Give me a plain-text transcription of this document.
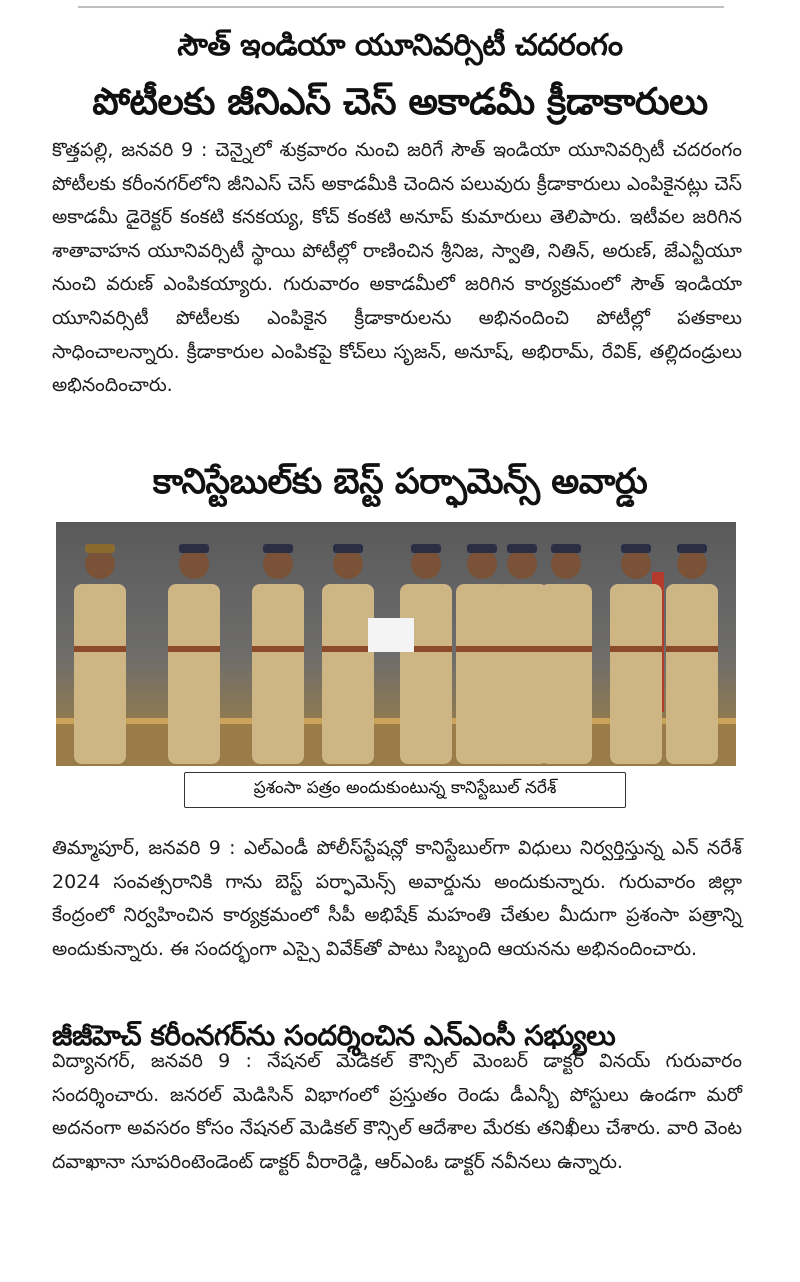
సౌత్ ఇండియా యూనివర్సిటీ చదరంగం
పోటీలకు జీనిఎస్ చెస్ అకాడమీ క్రీడాకారులు
కొత్తపల్లి, జనవరి 9 : చెన్నైలో శుక్రవారం నుంచి జరిగే సౌత్ ఇండియా యూనివర్సిటీ చదరంగం పోటీలకు కరీంనగర్‌లోని జీనిఎస్ చెస్ అకాడమీకి చెందిన పలువురు క్రీడాకారులు ఎంపికైనట్లు చెస్ అకాడమీ డైరెక్టర్ కంకటి కనకయ్య, కోచ్ కంకటి అనూప్ కుమారులు తెలిపారు. ఇటీవల జరిగిన శాతావాహన యూనివర్సిటీ స్థాయి పోటీల్లో రాణించిన శ్రీనిజ, స్వాతి, నితిన్, అరుణ్, జేఎన్టీయూ నుంచి వరుణ్ ఎంపికయ్యారు. గురువారం అకాడమీలో జరిగిన కార్యక్రమంలో సౌత్ ఇండియా యూనివర్సిటీ పోటీలకు ఎంపికైన క్రీడాకారులను అభినందించి పోటీల్లో పతకాలు సాధించాలన్నారు. క్రీడాకారుల ఎంపికపై కోచ్‌లు సృజన్, అనూష్, అభిరామ్, రేవిక్, తల్లిదండ్రులు అభినందించారు.
కానిస్టేబుల్‌కు బెస్ట్ పర్ఫామెన్స్ అవార్డు
ప్రశంసా పత్రం అందుకుంటున్న కానిస్టేబుల్ నరేశ్
తిమ్మాపూర్, జనవరి 9 : ఎల్ఎండీ పోలీస్‌స్టేషన్లో కానిస్టేబుల్‌గా విధులు నిర్వర్తిస్తున్న ఎన్ నరేశ్ 2024 సంవత్సరానికి గాను బెస్ట్ పర్ఫామెన్స్ అవార్డును అందుకున్నారు. గురువారం జిల్లా కేంద్రంలో నిర్వహించిన కార్యక్రమంలో సీపీ అభిషేక్ మహంతి చేతుల మీదుగా ప్రశంసా పత్రాన్ని అందుకున్నారు. ఈ సందర్భంగా ఎస్సై వివేక్‌తో పాటు సిబ్బంది ఆయనను అభినందించారు.
జీజీహెచ్ కరీంనగర్‌ను సందర్శించిన ఎన్ఎంసీ సభ్యులు
విద్యానగర్, జనవరి 9 : నేషనల్ మెడికల్ కౌన్సిల్ మెంబర్ డాక్టర్ వినయ్ గురువారం సందర్శించారు. జనరల్ మెడిసిన్ విభాగంలో ప్రస్తుతం రెండు డీఎన్బీ పోస్టులు ఉండగా మరో అదనంగా అవసరం కోసం నేషనల్ మెడికల్ కౌన్సిల్ ఆదేశాల మేరకు తనిఖీలు చేశారు. వారి వెంట దవాఖానా సూపరింటెండెంట్ డాక్టర్ వీరారెడ్డి, ఆర్ఎంఓ డాక్టర్ నవీనలు ఉన్నారు.
